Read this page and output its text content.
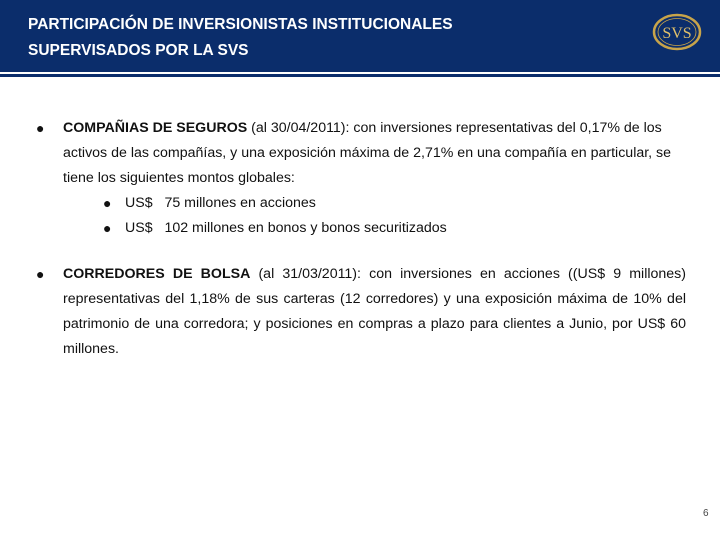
PARTICIPACIÓN DE INVERSIONISTAS INSTITUCIONALES
SUPERVISADOS POR LA SVS
SVS
● COMPAÑIAS DE SEGUROS (al 30/04/2011): con inversiones representativas del 0,17% de los activos de las compañías, y una exposición máxima de 2,71% en una compañía en particular, se tiene los siguientes montos globales:
● US$ 75 millones en acciones
● US$ 102 millones en bonos y bonos securitizados
● CORREDORES DE BOLSA (al 31/03/2011): con inversiones en acciones ((US$ 9 millones) representativas del 1,18% de sus carteras (12 corredores) y una exposición máxima de 10% del patrimonio de una corredora; y posiciones en compras a plazo para clientes a Junio, por US$ 60 millones.
6
